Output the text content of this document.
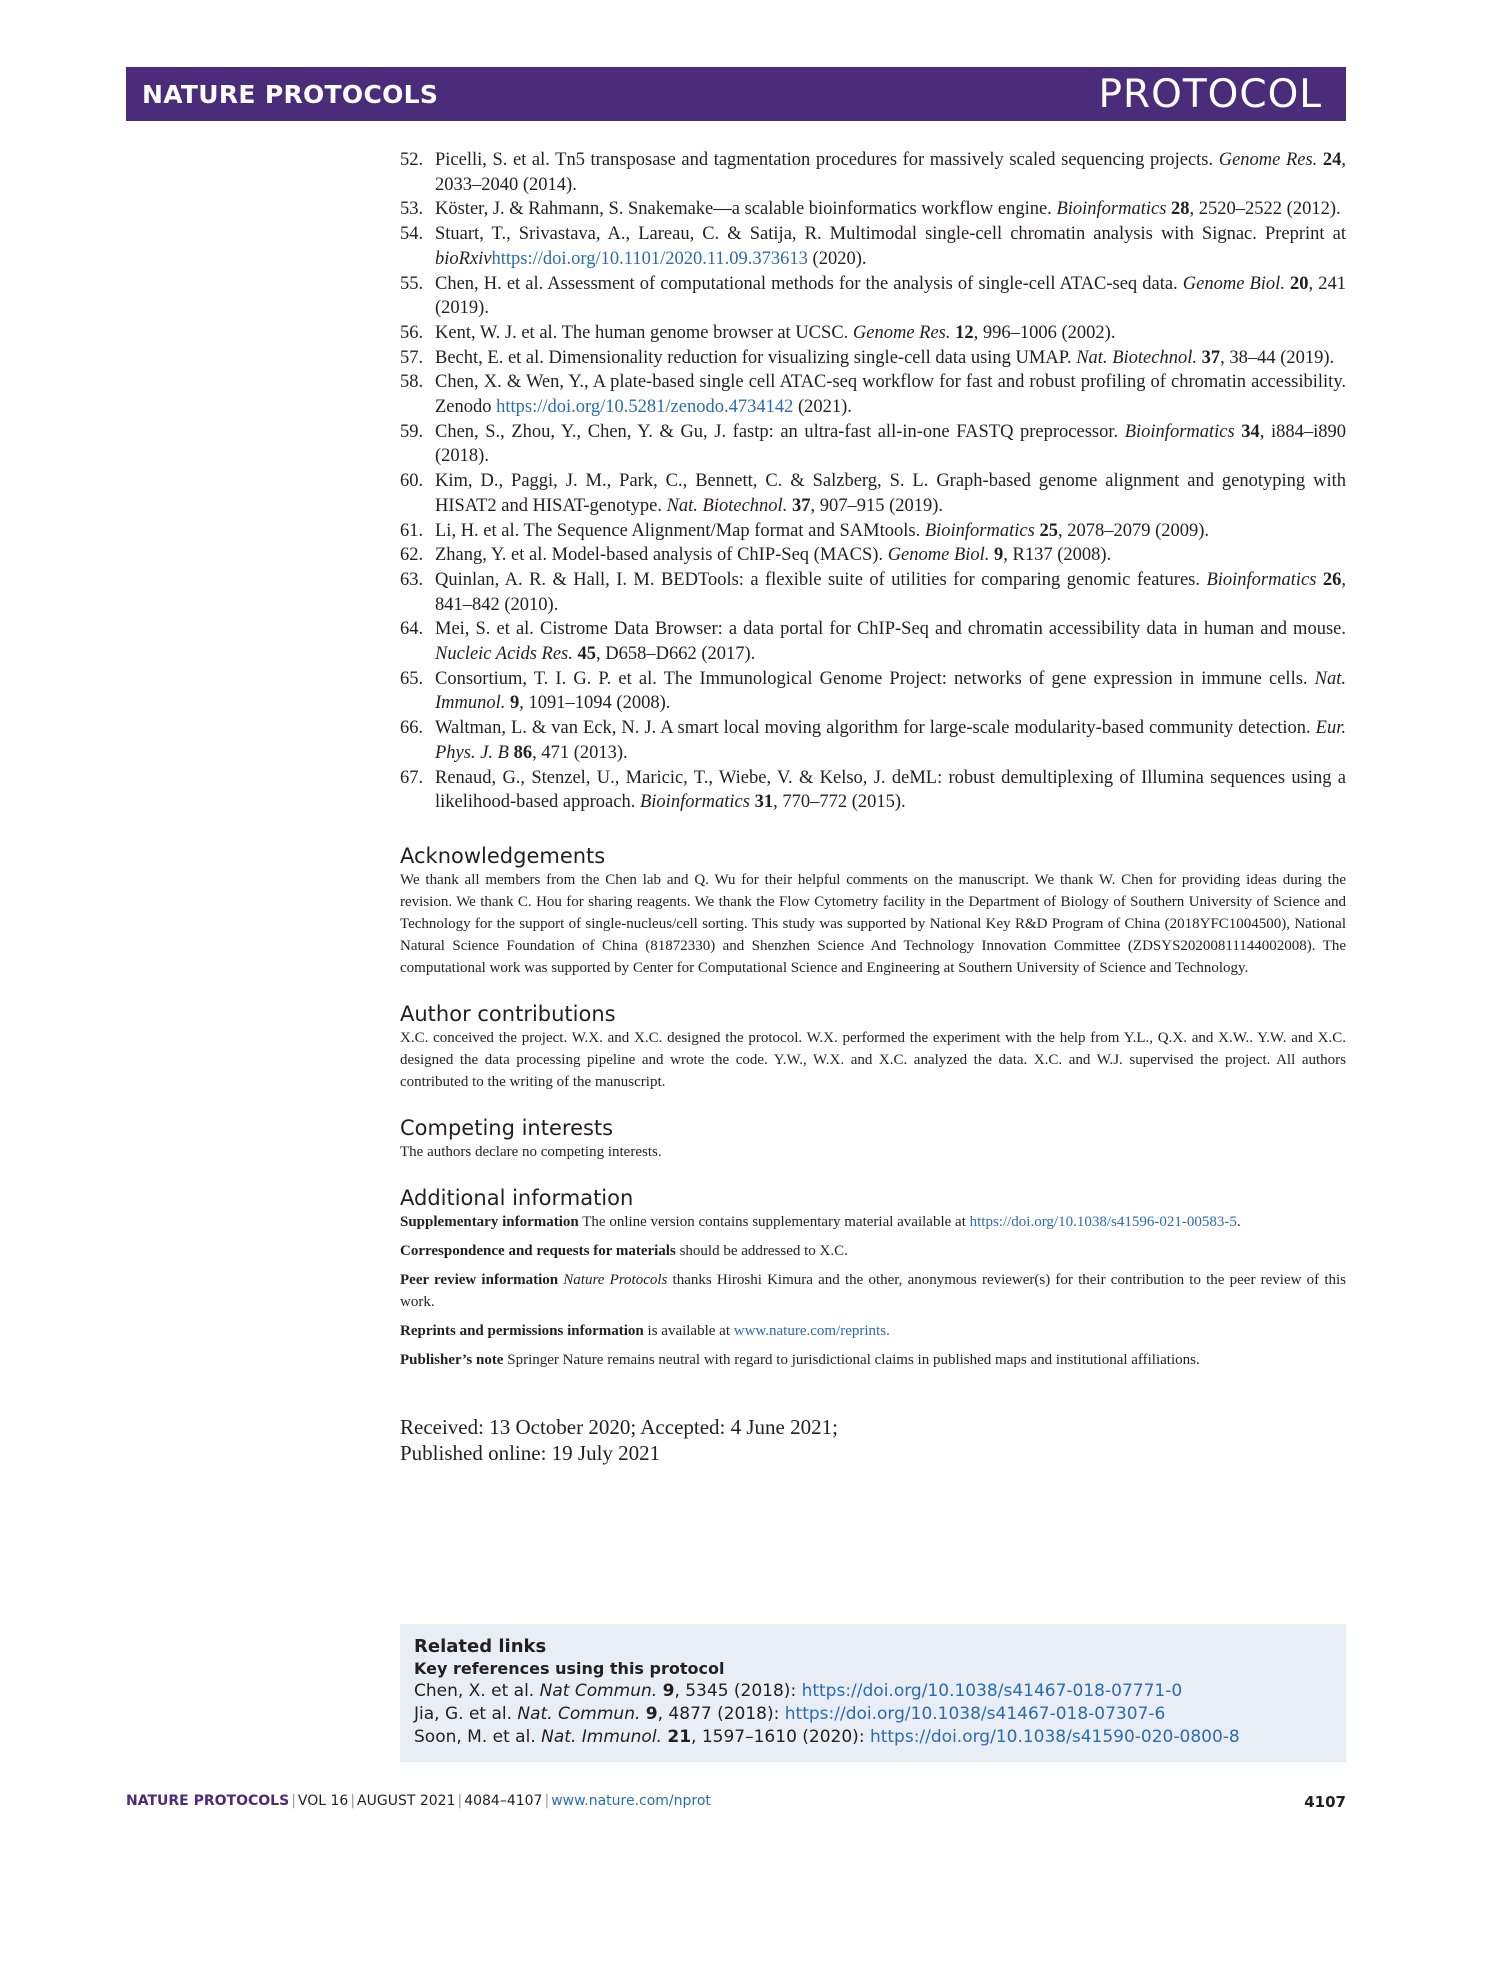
NATURE PROTOCOLS	PROTOCOL
52. Picelli, S. et al. Tn5 transposase and tagmentation procedures for massively scaled sequencing projects. Genome Res. 24, 2033–2040 (2014).
53. Köster, J. & Rahmann, S. Snakemake—a scalable bioinformatics workflow engine. Bioinformatics 28, 2520–2522 (2012).
54. Stuart, T., Srivastava, A., Lareau, C. & Satija, R. Multimodal single-cell chromatin analysis with Signac. Preprint at bioRxivhttps://doi.org/10.1101/2020.11.09.373613 (2020).
55. Chen, H. et al. Assessment of computational methods for the analysis of single-cell ATAC-seq data. Genome Biol. 20, 241 (2019).
56. Kent, W. J. et al. The human genome browser at UCSC. Genome Res. 12, 996–1006 (2002).
57. Becht, E. et al. Dimensionality reduction for visualizing single-cell data using UMAP. Nat. Biotechnol. 37, 38–44 (2019).
58. Chen, X. & Wen, Y., A plate-based single cell ATAC-seq workflow for fast and robust profiling of chromatin accessibility. Zenodo https://doi.org/10.5281/zenodo.4734142 (2021).
59. Chen, S., Zhou, Y., Chen, Y. & Gu, J. fastp: an ultra-fast all-in-one FASTQ preprocessor. Bioinformatics 34, i884–i890 (2018).
60. Kim, D., Paggi, J. M., Park, C., Bennett, C. & Salzberg, S. L. Graph-based genome alignment and genotyping with HISAT2 and HISAT-genotype. Nat. Biotechnol. 37, 907–915 (2019).
61. Li, H. et al. The Sequence Alignment/Map format and SAMtools. Bioinformatics 25, 2078–2079 (2009).
62. Zhang, Y. et al. Model-based analysis of ChIP-Seq (MACS). Genome Biol. 9, R137 (2008).
63. Quinlan, A. R. & Hall, I. M. BEDTools: a flexible suite of utilities for comparing genomic features. Bioinformatics 26, 841–842 (2010).
64. Mei, S. et al. Cistrome Data Browser: a data portal for ChIP-Seq and chromatin accessibility data in human and mouse. Nucleic Acids Res. 45, D658–D662 (2017).
65. Consortium, T. I. G. P. et al. The Immunological Genome Project: networks of gene expression in immune cells. Nat. Immunol. 9, 1091–1094 (2008).
66. Waltman, L. & van Eck, N. J. A smart local moving algorithm for large-scale modularity-based community detection. Eur. Phys. J. B 86, 471 (2013).
67. Renaud, G., Stenzel, U., Maricic, T., Wiebe, V. & Kelso, J. deML: robust demultiplexing of Illumina sequences using a likelihood-based approach. Bioinformatics 31, 770–772 (2015).
Acknowledgements

We thank all members from the Chen lab and Q. Wu for their helpful comments on the manuscript. We thank W. Chen for providing ideas during the revision. We thank C. Hou for sharing reagents. We thank the Flow Cytometry facility in the Department of Biology of Southern University of Science and Technology for the support of single-nucleus/cell sorting. This study was supported by National Key R&D Program of China (2018YFC1004500), National Natural Science Foundation of China (81872330) and Shenzhen Science And Technology Innovation Committee (ZDSYS20200811144002008). The computational work was supported by Center for Computational Science and Engineering at Southern University of Science and Technology.

Author contributions

X.C. conceived the project. W.X. and X.C. designed the protocol. W.X. performed the experiment with the help from Y.L., Q.X. and X.W.. Y.W. and X.C. designed the data processing pipeline and wrote the code. Y.W., W.X. and X.C. analyzed the data. X.C. and W.J. supervised the project. All authors contributed to the writing of the manuscript.

Competing interests

The authors declare no competing interests.

Additional information

Supplementary information The online version contains supplementary material available at https://doi.org/10.1038/s41596-021-00583-5.

Correspondence and requests for materials should be addressed to X.C.

Peer review information Nature Protocols thanks Hiroshi Kimura and the other, anonymous reviewer(s) for their contribution to the peer review of this work.

Reprints and permissions information is available at www.nature.com/reprints.

Publisher’s note Springer Nature remains neutral with regard to jurisdictional claims in published maps and institutional affiliations.

Received: 13 October 2020; Accepted: 4 June 2021;
Published online: 19 July 2021
Related links
Key references using this protocol
Chen, X. et al. Nat Commun. 9, 5345 (2018): https://doi.org/10.1038/s41467-018-07771-0
Jia, G. et al. Nat. Commun. 9, 4877 (2018): https://doi.org/10.1038/s41467-018-07307-6
Soon, M. et al. Nat. Immunol. 21, 1597–1610 (2020): https://doi.org/10.1038/s41590-020-0800-8
NATURE PROTOCOLS | VOL 16 | AUGUST 2021 | 4084–4107 | www.nature.com/nprot	4107
